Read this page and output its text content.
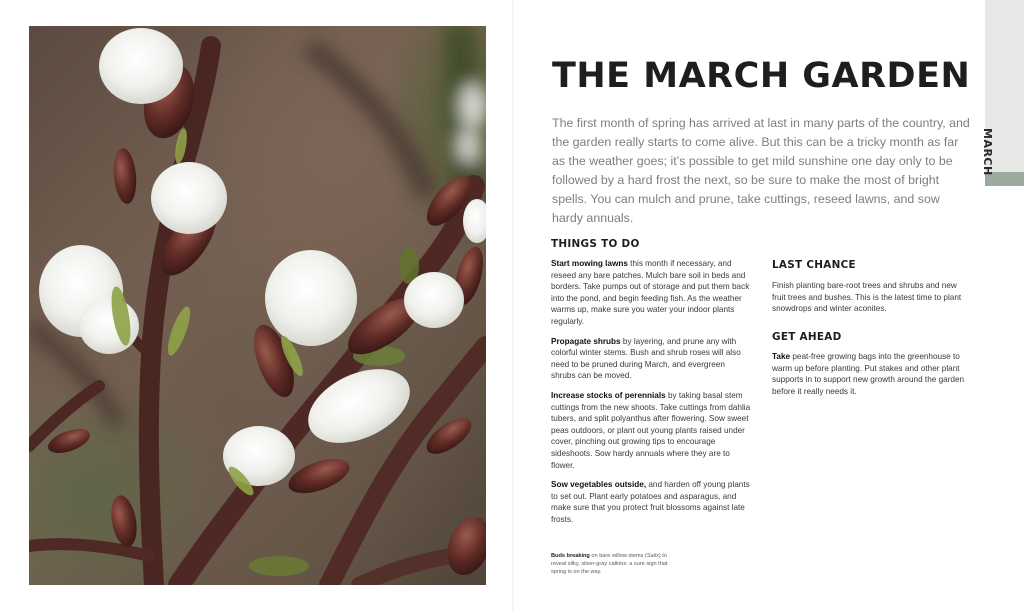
MARCH
THE MARCH GARDEN

The first month of spring has arrived at last in many parts of the country, and the garden really starts to come alive. But this can be a tricky month as far as the weather goes; it’s possible to get mild sunshine one day only to be followed by a hard frost the next, so be sure to make the most of bright spells. You can mulch and prune, take cuttings, reseed lawns, and sow hardy annuals.

THINGS TO DO

Start mowing lawns this month if necessary, and reseed any bare patches. Mulch bare soil in beds and borders. Take pumps out of storage and put them back into the pond, and begin feeding fish. As the weather warms up, make sure you water your indoor plants regularly.

Propagate shrubs by layering, and prune any with colorful winter stems. Bush and shrub roses will also need to be pruned during March, and evergreen shrubs can be moved.

Increase stocks of perennials by taking basal stem cuttings from the new shoots. Take cuttings from dahlia tubers, and split polyanthus after flowering. Sow sweet peas outdoors, or plant out young plants raised under cover, pinching out growing tips to encourage sideshoots. Sow hardy annuals where they are to flower.

Sow vegetables outside, and harden off young plants to set out. Plant early potatoes and asparagus, and make sure that you protect fruit blossoms against late frosts.

LAST CHANCE

Finish planting bare-root trees and shrubs and new fruit trees and bushes. This is the latest time to plant snowdrops and winter aconites.

GET AHEAD

Take peat-free growing bags into the greenhouse to warm up before planting. Put stakes and other plant supports in to support new growth around the garden before it really needs it.

Buds breaking on bare willow stems (Salix) to reveal silky, silver-gray catkins: a sure sign that spring is on the way.
